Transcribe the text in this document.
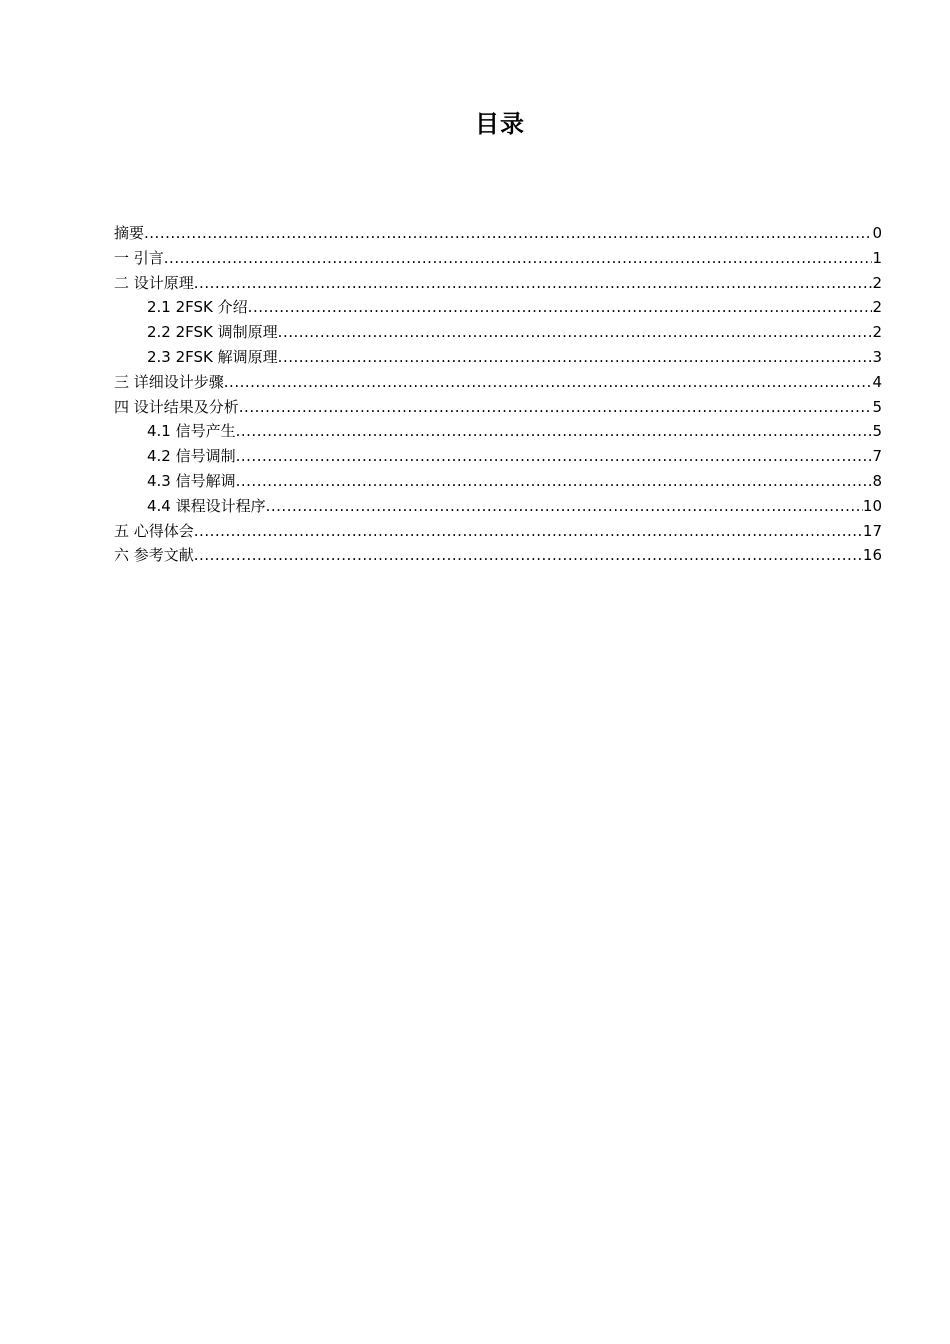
目录
摘要 .....	0
一 引言 .....	1
二 设计原理 .....	2
2.1 2FSK 介绍 .....	2
2.2 2FSK 调制原理 .....	2
2.3 2FSK 解调原理 .....	3
三 详细设计步骤 .....	4
四 设计结果及分析 .....	5
4.1 信号产生 .....	5
4.2 信号调制 .....	7
4.3 信号解调 .....	8
4.4 课程设计程序 .....	10
五 心得体会 .....	17
六 参考文献 .....	16
